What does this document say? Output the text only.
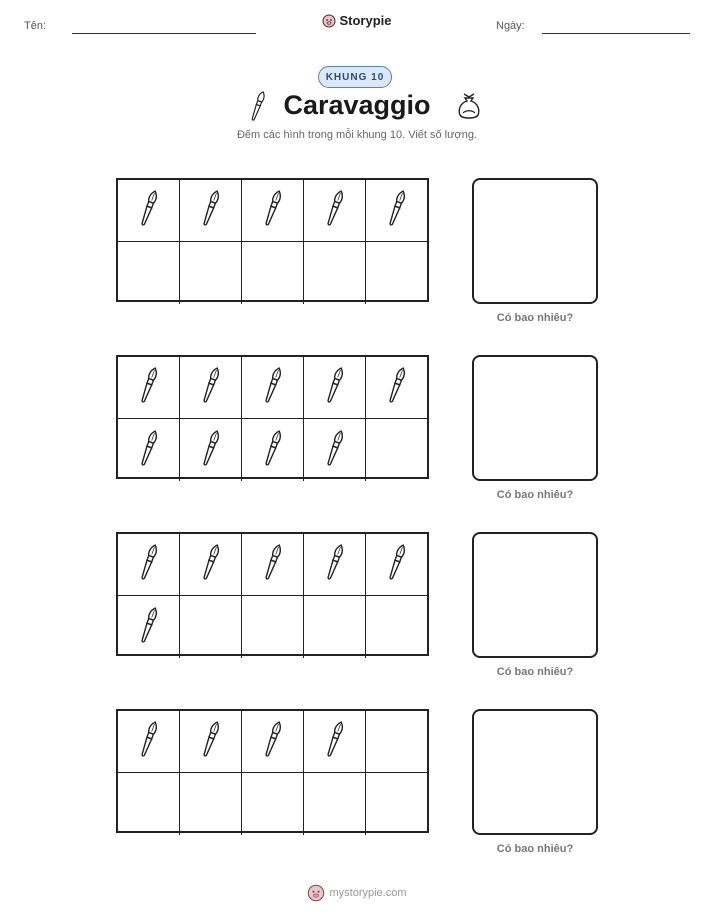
Tên:	Storypie	Ngày:
KHUNG 10
Caravaggio
Đếm các hình trong mỗi khung 10. Viết số lượng.
Có bao nhiêu?
Có bao nhiêu?
Có bao nhiêu?
Có bao nhiêu?
mystorypie.com
